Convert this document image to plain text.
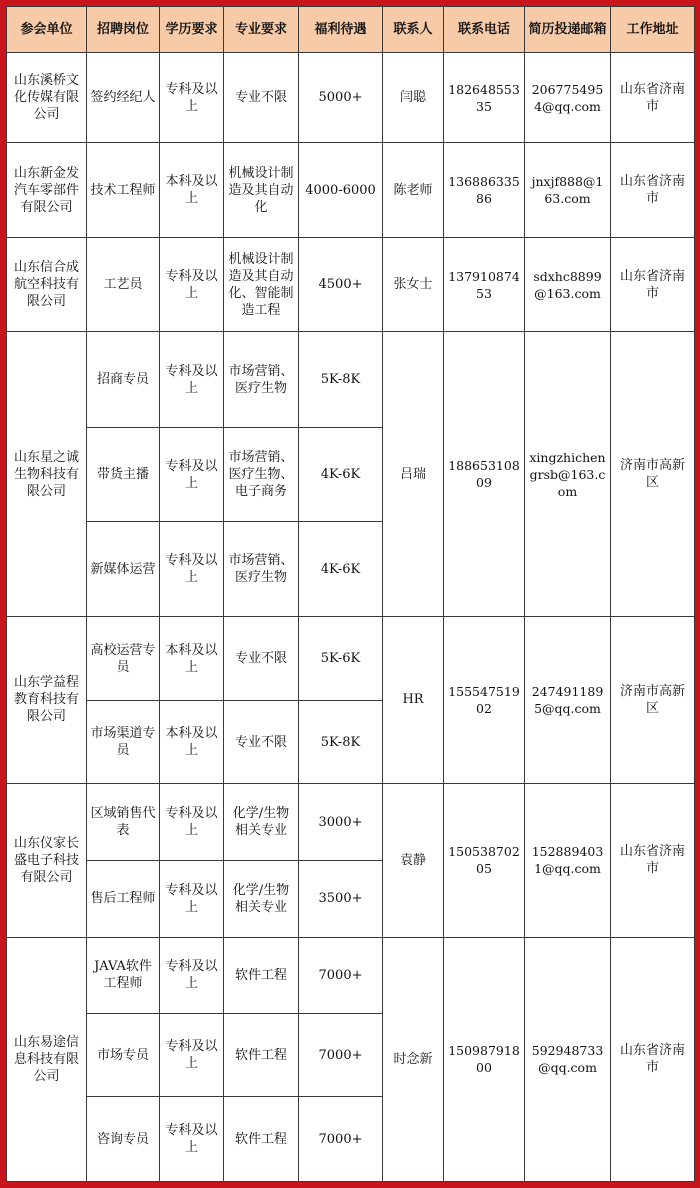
参会单位	招聘岗位	学历要求	专业要求	福利待遇	联系人	联系电话	简历投递邮箱	工作地址
山东溪桥文化传媒有限公司	签约经纪人	专科及以上	专业不限	5000+	闫聪	18264855335	2067754954@qq.com	山东省济南市
山东新金发汽车零部件有限公司	技术工程师	本科及以上	机械设计制造及其自动化	4000-6000	陈老师	13688633586	jnxjf888@163.com	山东省济南市
山东信合成航空科技有限公司	工艺员	专科及以上	机械设计制造及其自动化、智能制造工程	4500+	张女士	13791087453	sdxhc8899@163.com	山东省济南市
山东星之诚生物科技有限公司	招商专员	专科及以上	市场营销、医疗生物	5K-8K	吕瑞	18865310809	xingzhichengrsb@163.com	济南市高新区
	带货主播	专科及以上	市场营销、医疗生物、电子商务	4K-6K				
	新媒体运营	专科及以上	市场营销、医疗生物	4K-6K				
山东学益程教育科技有限公司	高校运营专员	本科及以上	专业不限	5K-6K	HR	15554751902	2474911895@qq.com	济南市高新区
	市场渠道专员	本科及以上	专业不限	5K-8K				
山东仪家长盛电子科技有限公司	区域销售代表	专科及以上	化学/生物相关专业	3000+	袁静	15053870205	1528894031@qq.com	山东省济南市
	售后工程师	专科及以上	化学/生物相关专业	3500+				
山东易途信息科技有限公司	JAVA软件工程师	专科及以上	软件工程	7000+	时念新	15098791800	592948733@qq.com	山东省济南市
	市场专员	专科及以上	软件工程	7000+				
	咨询专员	专科及以上	软件工程	7000+				
